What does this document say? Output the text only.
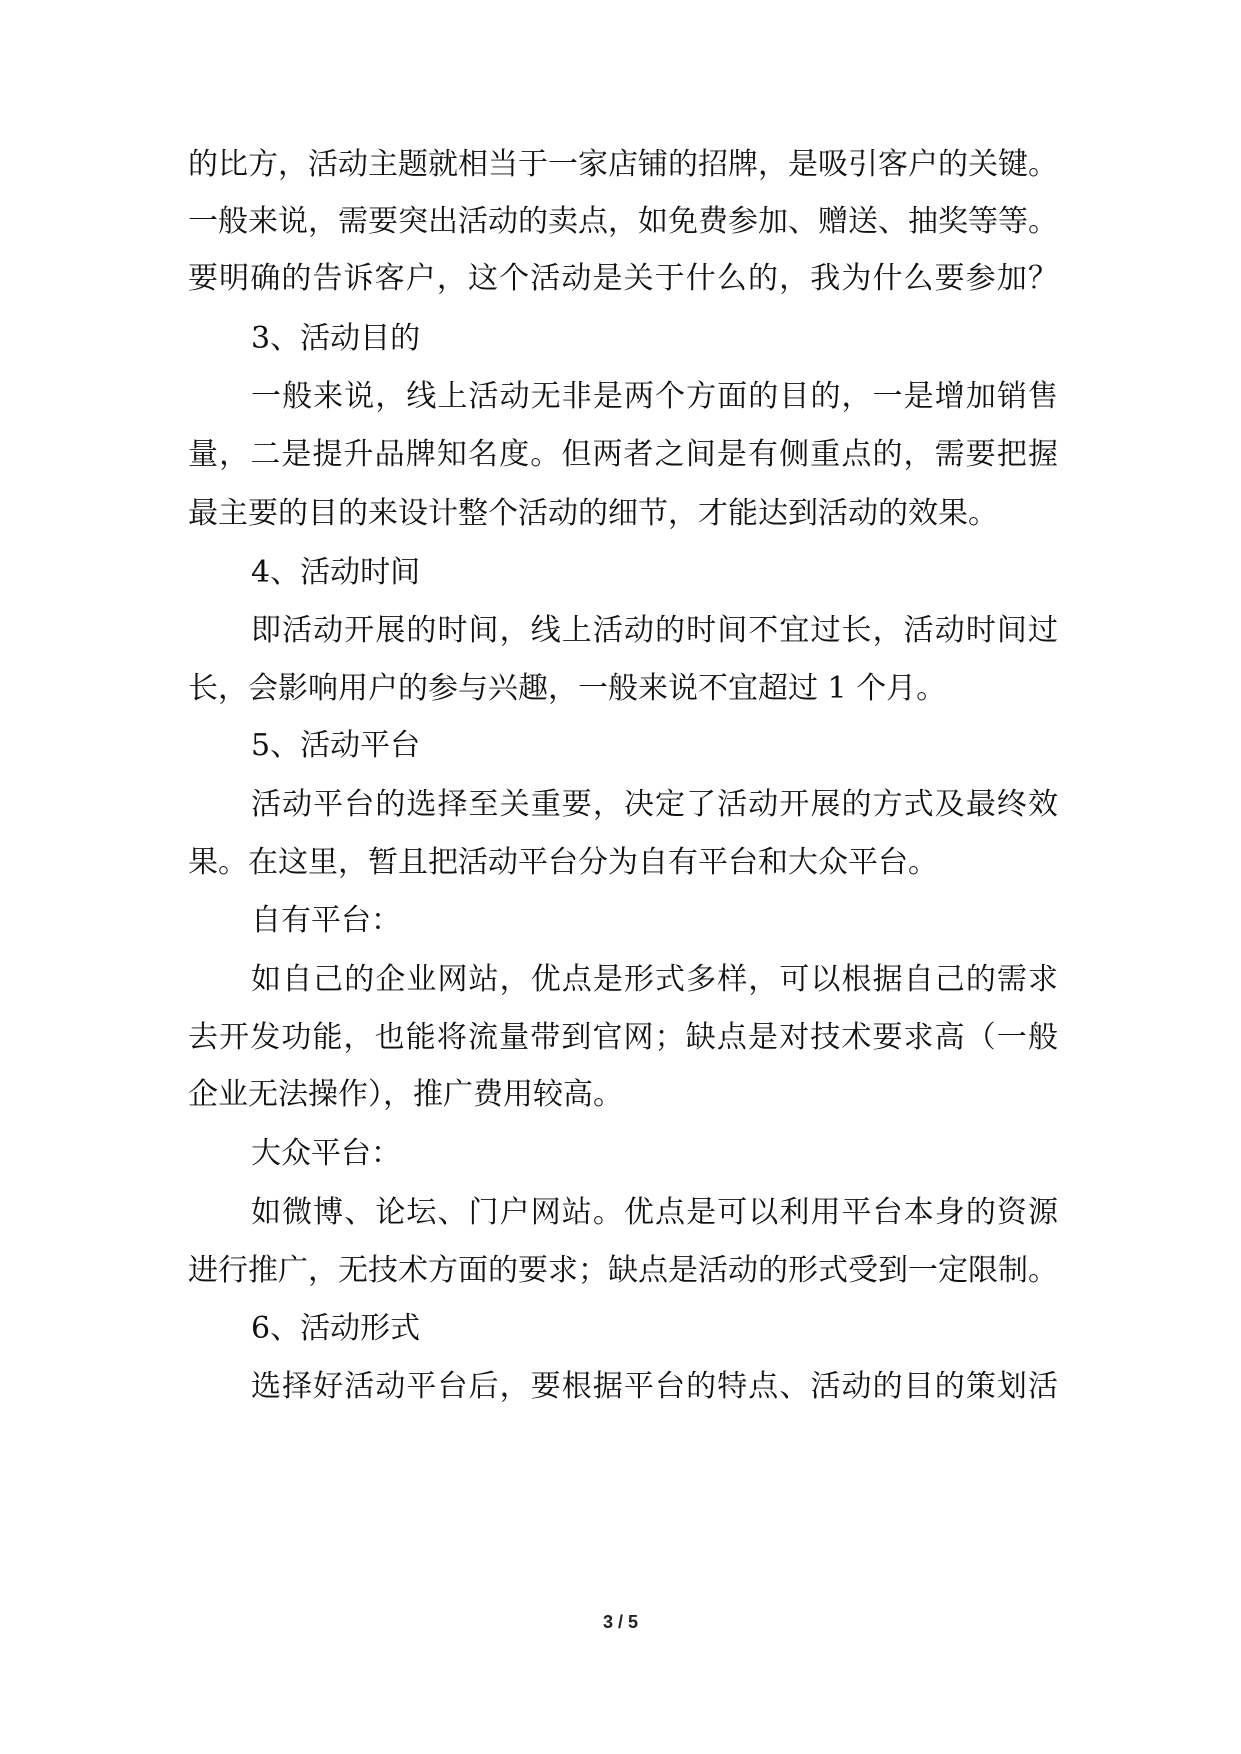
的比方，活动主题就相当于一家店铺的招牌，是吸引客户的关键。
一般来说，需要突出活动的卖点，如免费参加、赠送、抽奖等等。
要明确的告诉客户，这个活动是关于什么的，我为什么要参加？
3、活动目的
一般来说，线上活动无非是两个方面的目的，一是增加销售
量，二是提升品牌知名度。但两者之间是有侧重点的，需要把握
最主要的目的来设计整个活动的细节，才能达到活动的效果。
4、活动时间
即活动开展的时间，线上活动的时间不宜过长，活动时间过
长，会影响用户的参与兴趣，一般来说不宜超过 1 个月。
5、活动平台
活动平台的选择至关重要，决定了活动开展的方式及最终效
果。在这里，暂且把活动平台分为自有平台和大众平台。
自有平台：
如自己的企业网站，优点是形式多样，可以根据自己的需求
去开发功能，也能将流量带到官网；缺点是对技术要求高（一般
企业无法操作），推广费用较高。
大众平台：
如微博、论坛、门户网站。优点是可以利用平台本身的资源
进行推广，无技术方面的要求；缺点是活动的形式受到一定限制。
6、活动形式
选择好活动平台后，要根据平台的特点、活动的目的策划活
3 / 5
